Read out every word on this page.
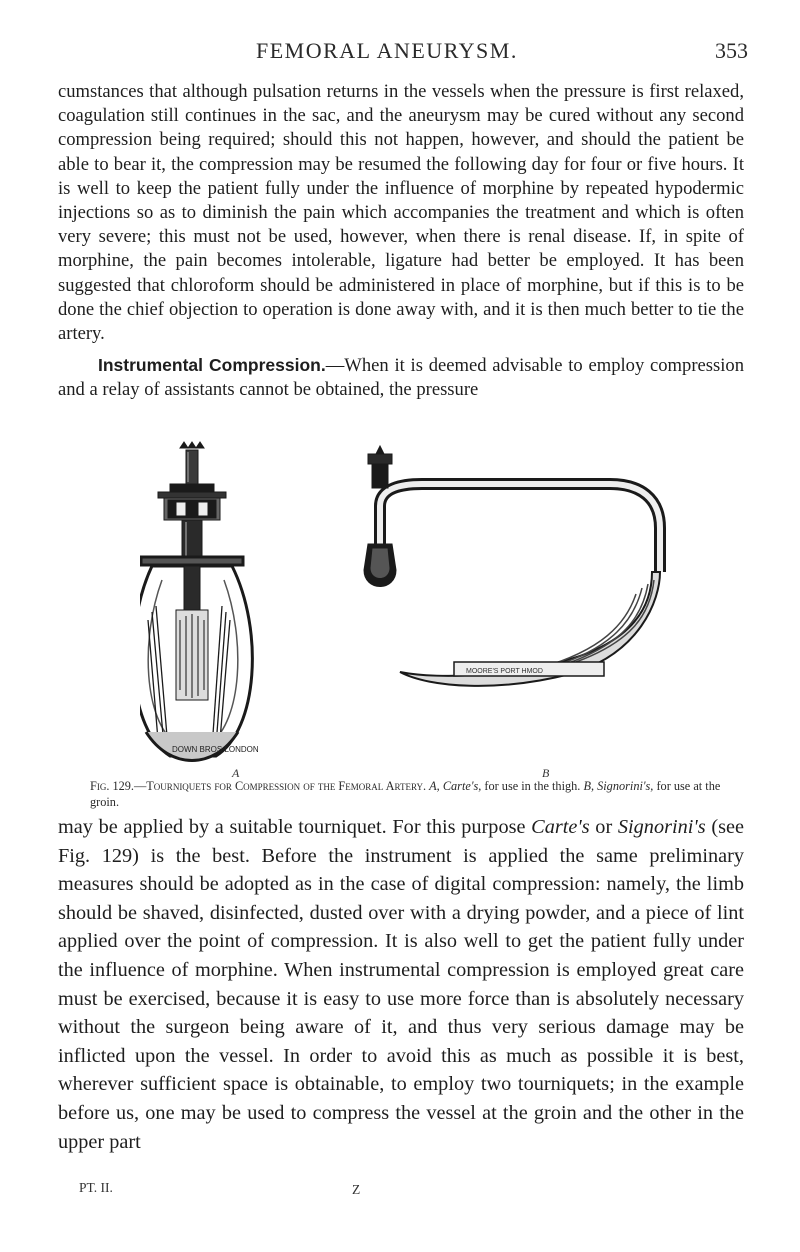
FEMORAL ANEURYSM.	353

cumstances that although pulsation returns in the vessels when the pressure is first relaxed, coagulation still continues in the sac, and the aneurysm may be cured without any second compression being required; should this not happen, however, and should the patient be able to bear it, the compression may be resumed the following day for four or five hours. It is well to keep the patient fully under the influence of morphine by repeated hypodermic injections so as to diminish the pain which accompanies the treatment and which is often very severe; this must not be used, however, when there is renal disease. If, in spite of morphine, the pain becomes intolerable, ligature had better be employed. It has been suggested that chloroform should be administered in place of morphine, but if this is to be done the chief objection to operation is done away with, and it is then much better to tie the artery.

Instrumental Compression.—When it is deemed advisable to employ compression and a relay of assistants cannot be obtained, the pressure

DOWN BROS LONDON
MOORE'S PORT HMOD
A	B
Fig. 129.—Tourniquets for Compression of the Femoral Artery. A, Carte's, for use in the thigh. B, Signorini's, for use at the groin.

may be applied by a suitable tourniquet. For this purpose Carte's or Signorini's (see Fig. 129) is the best. Before the instrument is applied the same preliminary measures should be adopted as in the case of digital compression: namely, the limb should be shaved, disinfected, dusted over with a drying powder, and a piece of lint applied over the point of compression. It is also well to get the patient fully under the influence of morphine. When instrumental compression is employed great care must be exercised, because it is easy to use more force than is absolutely necessary without the surgeon being aware of it, and thus very serious damage may be inflicted upon the vessel. In order to avoid this as much as possible it is best, wherever sufficient space is obtainable, to employ two tourniquets; in the example before us, one may be used to compress the vessel at the groin and the other in the upper part

PT. II.	Z
